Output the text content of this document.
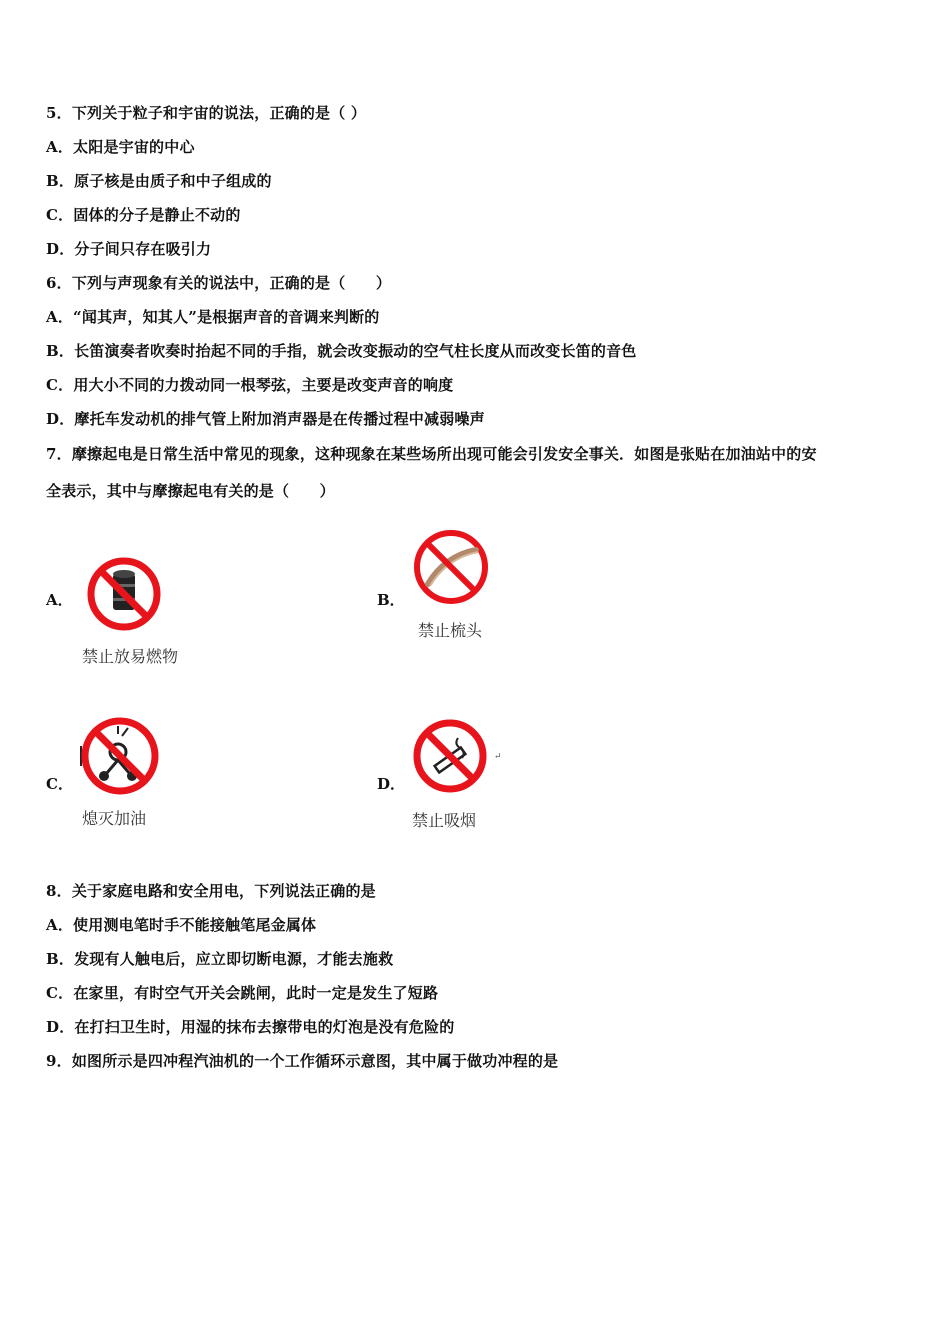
5．下列关于粒子和宇宙的说法，正确的是（ ）
A．太阳是宇宙的中心
B．原子核是由质子和中子组成的
C．固体的分子是静止不动的
D．分子间只存在吸引力
6．下列与声现象有关的说法中，正确的是（　　）
A．“闻其声，知其人”是根据声音的音调来判断的
B．长笛演奏者吹奏时抬起不同的手指，就会改变振动的空气柱长度从而改变长笛的音色
C．用大小不同的力拨动同一根琴弦，主要是改变声音的响度
D．摩托车发动机的排气管上附加消声器是在传播过程中减弱噪声
7．摩擦起电是日常生活中常见的现象，这种现象在某些场所出现可能会引发安全事关．如图是张贴在加油站中的安
全表示，其中与摩擦起电有关的是（　　）
A．
禁止放易燃物
B．
禁止梳头
C．
熄灭加油
D．
↵
禁止吸烟
8．关于家庭电路和安全用电，下列说法正确的是
A．使用测电笔时手不能接触笔尾金属体
B．发现有人触电后，应立即切断电源，才能去施救
C．在家里，有时空气开关会跳闸，此时一定是发生了短路
D．在打扫卫生时，用湿的抹布去擦带电的灯泡是没有危险的
9．如图所示是四冲程汽油机的一个工作循环示意图，其中属于做功冲程的是
